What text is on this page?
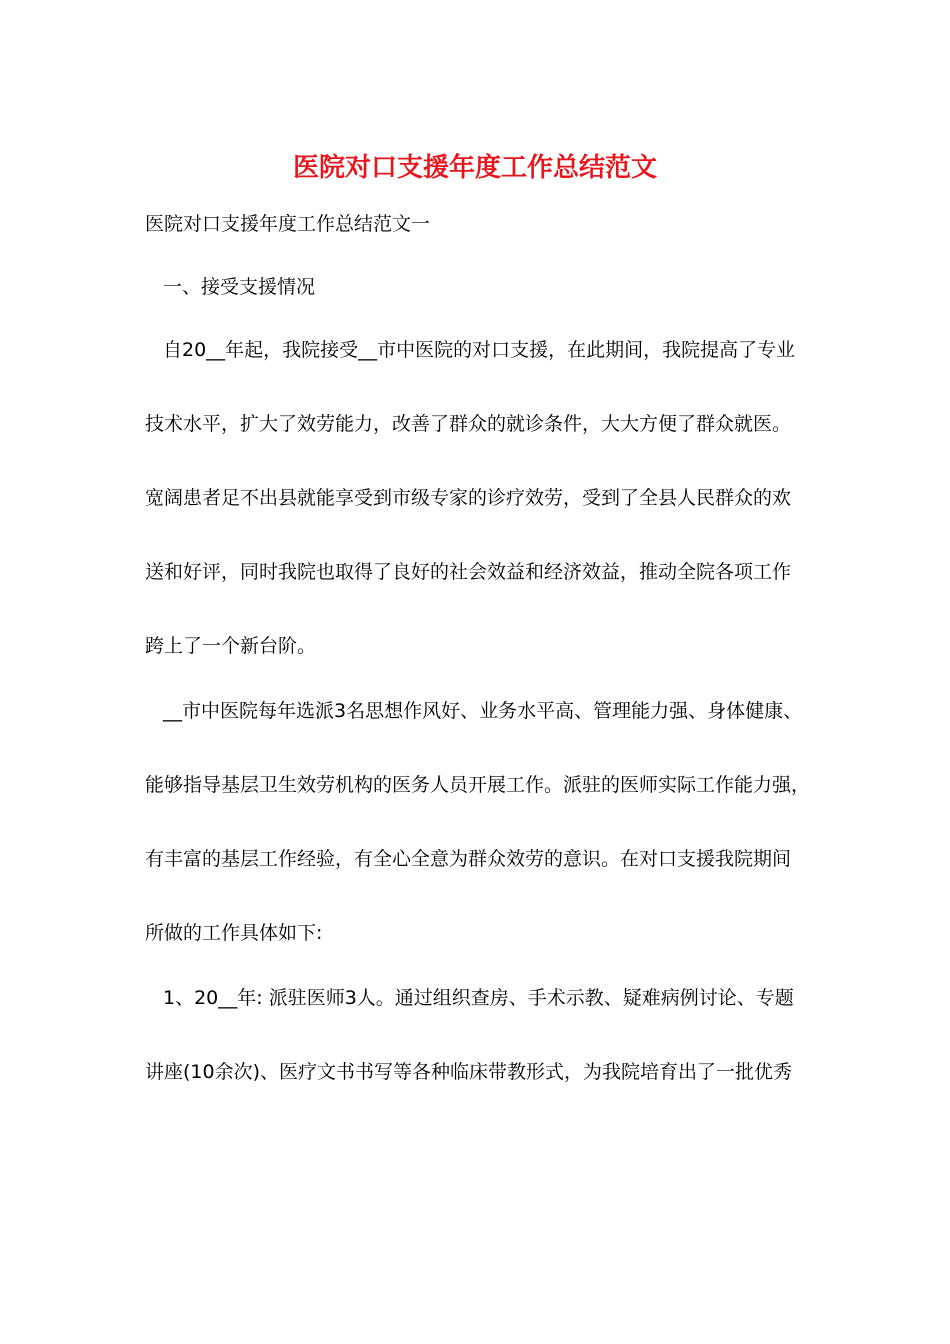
医院对口支援年度工作总结范文
医院对口支援年度工作总结范文一
一、接受支援情况
自20__年起，我院接受__市中医院的对口支援，在此期间，我院提高了专业
技术水平，扩大了效劳能力，改善了群众的就诊条件，大大方便了群众就医。
宽阔患者足不出县就能享受到市级专家的诊疗效劳，受到了全县人民群众的欢
送和好评，同时我院也取得了良好的社会效益和经济效益，推动全院各项工作
跨上了一个新台阶。
__市中医院每年选派3名思想作风好、业务水平高、管理能力强、身体健康、
能够指导基层卫生效劳机构的医务人员开展工作。派驻的医师实际工作能力强，
有丰富的基层工作经验，有全心全意为群众效劳的意识。在对口支援我院期间
所做的工作具体如下:
1、20__年: 派驻医师3人。通过组织查房、手术示教、疑难病例讨论、专题
讲座(10余次)、医疗文书书写等各种临床带教形式，为我院培育出了一批优秀
